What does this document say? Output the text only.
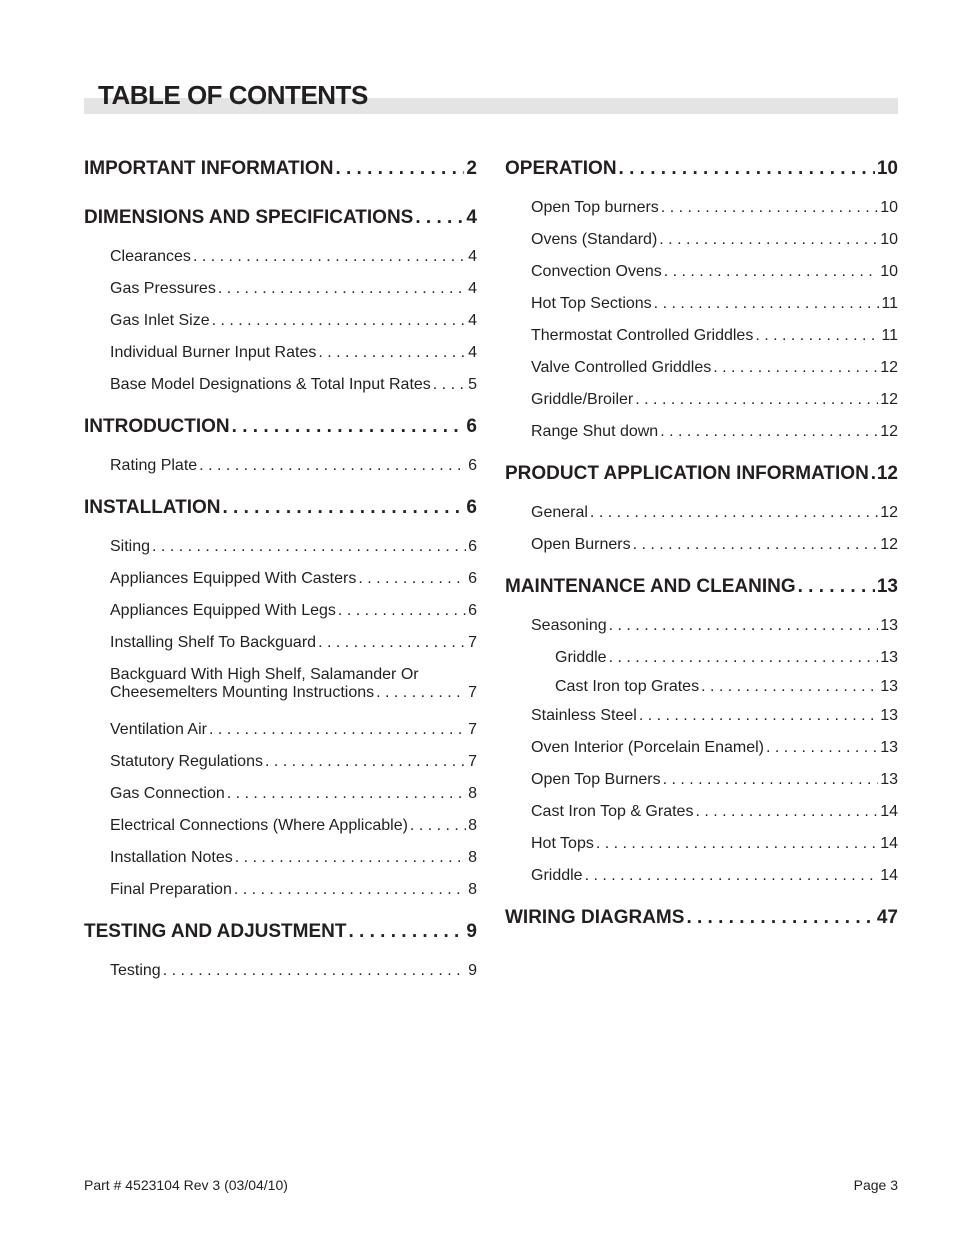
TABLE OF CONTENTS
IMPORTANT INFORMATION . . .	2
DIMENSIONS AND SPECIFICATIONS . . .	4
Clearances . . .	4
Gas Pressures . . .	4
Gas Inlet Size . . .	4
Individual Burner Input Rates . . .	4
Base Model Designations & Total Input Rates . . . 5
INTRODUCTION . . .	6
Rating Plate . . .	6
INSTALLATION . . .	6
Siting . . .	6
Appliances Equipped With Casters . . .	6
Appliances Equipped With Legs . . .	6
Installing Shelf To Backguard . . .	7
Backguard With High Shelf, Salamander Or
Cheesemelters Mounting Instructions . . .	7
Ventilation Air . . .	7
Statutory Regulations . . .	7
Gas Connection . . .	8
Electrical Connections (Where Applicable) . . .	8
Installation Notes . . .	8
Final Preparation . . .	8
TESTING AND ADJUSTMENT . . .	9
Testing . . .	9
OPERATION . . .	10
Open Top burners . . .	10
Ovens (Standard) . . .	10
Convection Ovens . . .	10
Hot Top Sections . . .	11
Thermostat Controlled Griddles . . .	11
Valve Controlled Griddles . . .	12
Griddle/Broiler . . .	12
Range Shut down . . .	12
PRODUCT APPLICATION INFORMATION . . . 12
General . . .	12
Open Burners . . .	12
MAINTENANCE AND CLEANING . . .	13
Seasoning . . .	13
Griddle . . .	13
Cast Iron top Grates . . .	13
Stainless Steel . . .	13
Oven Interior (Porcelain Enamel) . . .	13
Open Top Burners . . .	13
Cast Iron Top & Grates . . .	14
Hot Tops . . .	14
Griddle . . .	14
WIRING DIAGRAMS . . .	47
Part # 4523104 Rev 3 (03/04/10)	Page 3
